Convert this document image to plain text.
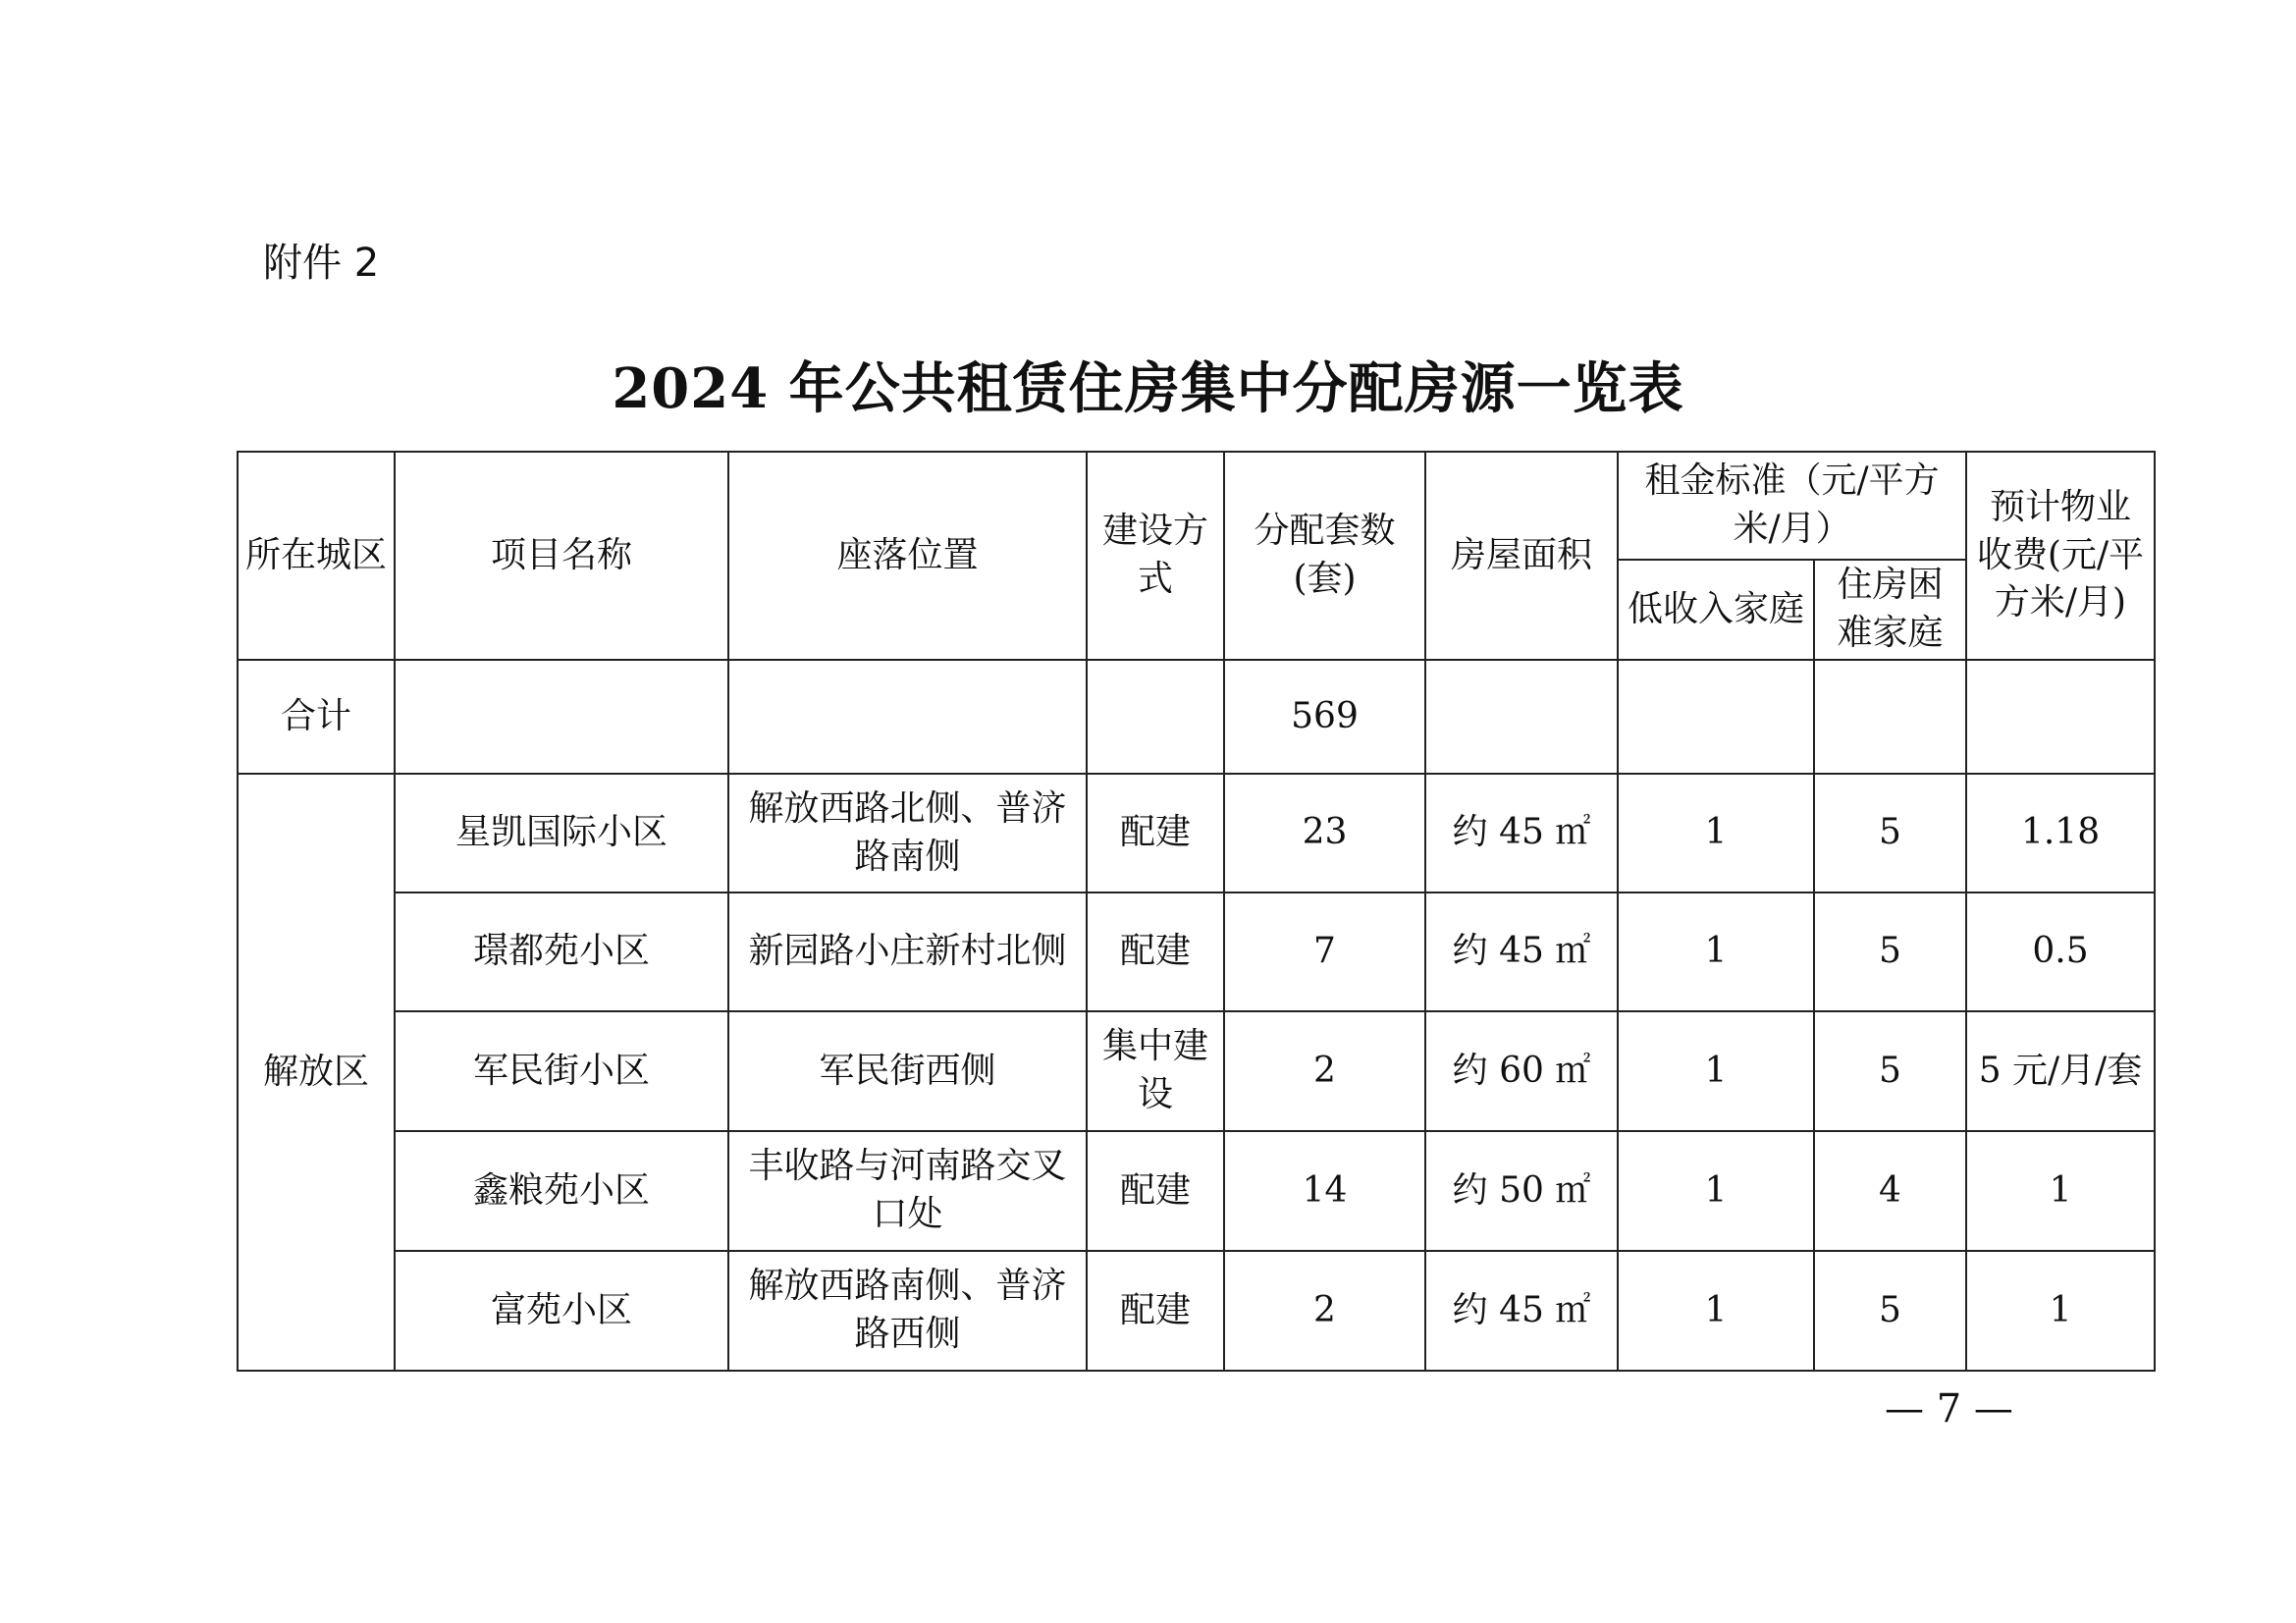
附件 2
2024 年公共租赁住房集中分配房源一览表
所在城区	项目名称	座落位置	建设方式	分配套数(套)	房屋面积	租金标准（元/平方米/月）		预计物业收费(元/平方米/月)
						低收入家庭	住房困难家庭	
合计				569				
解放区	星凯国际小区	解放西路北侧、普济路南侧	配建	23	约 45 ㎡	1	5	1.18
	璟都苑小区	新园路小庄新村北侧	配建	7	约 45 ㎡	1	5	0.5
	军民街小区	军民街西侧	集中建设	2	约 60 ㎡	1	5	5 元/月/套
	鑫粮苑小区	丰收路与河南路交叉口处	配建	14	约 50 ㎡	1	4	1
	富苑小区	解放西路南侧、普济路西侧	配建	2	约 45 ㎡	1	5	1
— 7 —
